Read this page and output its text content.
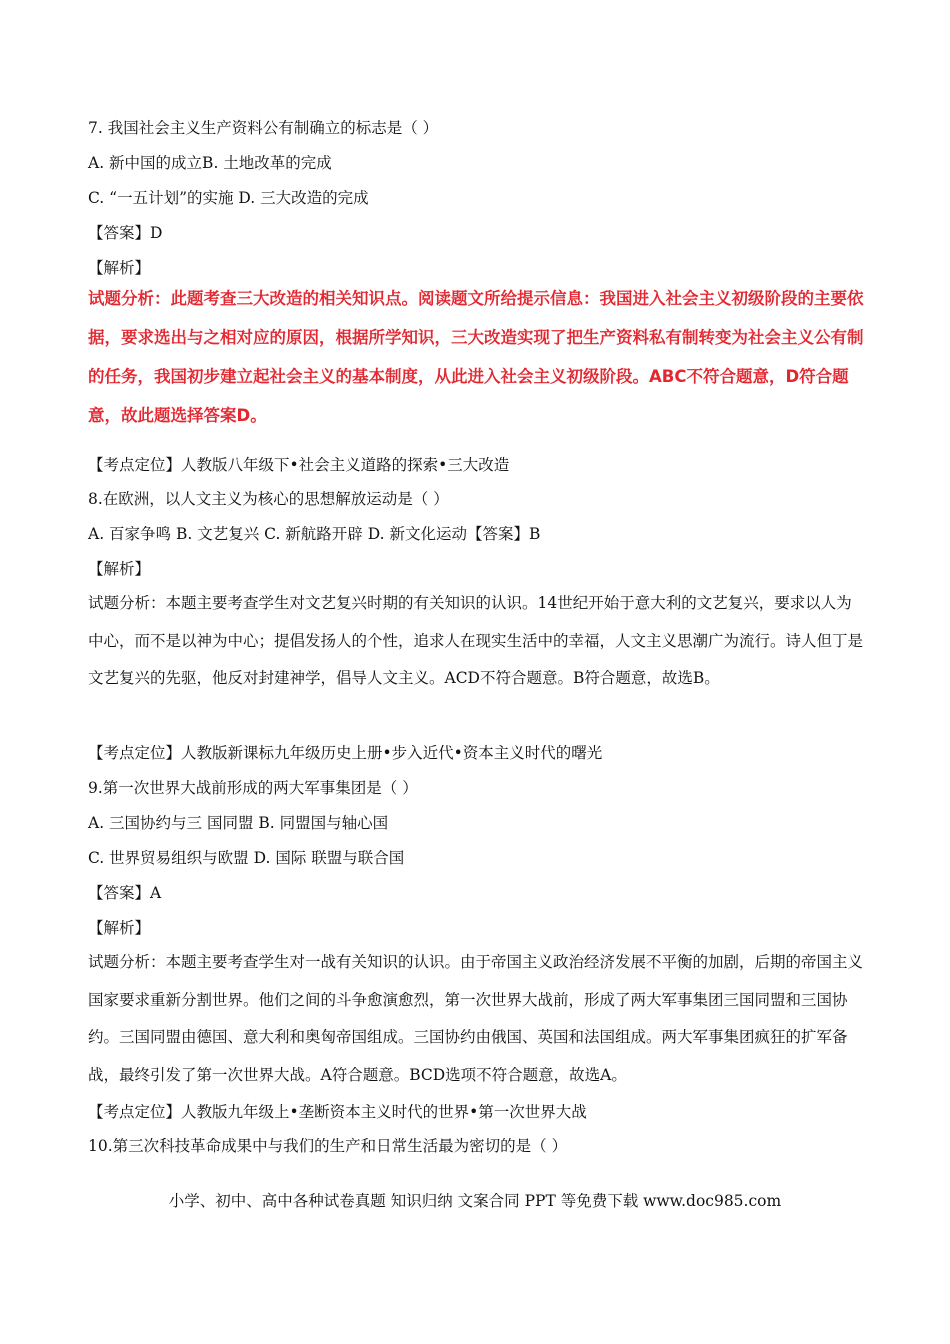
7. 我国社会主义生产资料公有制确立的标志是（ ）
A. 新中国的成立B. 土地改革的完成
C. “一五计划”的实施 D. 三大改造的完成
【答案】D
【解析】
试题分析：此题考查三大改造的相关知识点。阅读题文所给提示信息：我国进入社会主义初级阶段的主要依据，要求选出与之相对应的原因，根据所学知识，三大改造实现了把生产资料私有制转变为社会主义公有制的任务，我国初步建立起社会主义的基本制度，从此进入社会主义初级阶段。ABC不符合题意，D符合题意，故此题选择答案D。
【考点定位】人教版八年级下•社会主义道路的探索•三大改造
8.在欧洲，以人文主义为核心的思想解放运动是（ ）
A. 百家争鸣 B. 文艺复兴 C. 新航路开辟 D. 新文化运动【答案】B
【解析】
试题分析：本题主要考查学生对文艺复兴时期的有关知识的认识。14世纪开始于意大利的文艺复兴，要求以人为中心，而不是以神为中心；提倡发扬人的个性，追求人在现实生活中的幸福，人文主义思潮广为流行。诗人但丁是文艺复兴的先驱，他反对封建神学，倡导人文主义。ACD不符合题意。B符合题意，故选B。
【考点定位】人教版新课标九年级历史上册•步入近代•资本主义时代的曙光
9.第一次世界大战前形成的两大军事集团是（ ）
A. 三国协约与三 国同盟 B. 同盟国与轴心国
C. 世界贸易组织与欧盟 D. 国际 联盟与联合国
【答案】A
【解析】
试题分析：本题主要考查学生对一战有关知识的认识。由于帝国主义政治经济发展不平衡的加剧，后期的帝国主义国家要求重新分割世界。他们之间的斗争愈演愈烈，第一次世界大战前，形成了两大军事集团三国同盟和三国协约。三国同盟由德国、意大利和奥匈帝国组成。三国协约由俄国、英国和法国组成。两大军事集团疯狂的扩军备战，最终引发了第一次世界大战。A符合题意。BCD选项不符合题意，故选A。
【考点定位】人教版九年级上•垄断资本主义时代的世界•第一次世界大战
10.第三次科技革命成果中与我们的生产和日常生活最为密切的是（ ）
小学、初中、高中各种试卷真题 知识归纳 文案合同 PPT 等免费下载 www.doc985.com
